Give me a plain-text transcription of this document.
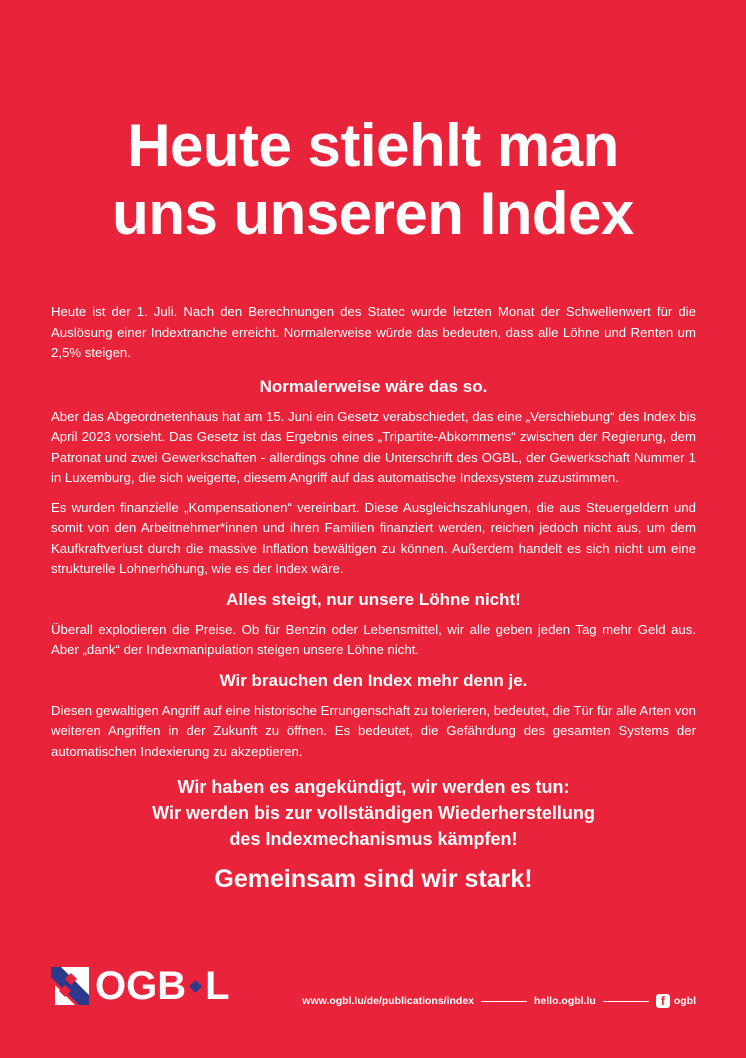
Heute stiehlt man
uns unseren Index

Heute ist der 1. Juli. Nach den Berechnungen des Statec wurde letzten Monat der Schwellenwert für die Auslösung einer Indextranche erreicht. Normalerweise würde das bedeuten, dass alle Löhne und Renten um 2,5% steigen.

Normalerweise wäre das so.

Aber das Abgeordnetenhaus hat am 15. Juni ein Gesetz verabschiedet, das eine „Verschiebung“ des Index bis April 2023 vorsieht. Das Gesetz ist das Ergebnis eines „Tripartite-Abkommens“ zwischen der Regierung, dem Patronat und zwei Gewerkschaften - allerdings ohne die Unterschrift des OGBL, der Gewerkschaft Nummer 1 in Luxemburg, die sich weigerte, diesem Angriff auf das automatische Indexsystem zuzustimmen.

Es wurden finanzielle „Kompensationen“ vereinbart. Diese Ausgleichszahlungen, die aus Steuergeldern und somit von den Arbeitnehmer*innen und ihren Familien finanziert werden, reichen jedoch nicht aus, um dem Kaufkraftverlust durch die massive Inflation bewältigen zu können. Außerdem handelt es sich nicht um eine strukturelle Lohnerhöhung, wie es der Index wäre.

Alles steigt, nur unsere Löhne nicht!

Überall explodieren die Preise. Ob für Benzin oder Lebensmittel, wir alle geben jeden Tag mehr Geld aus. Aber „dank“ der Indexmanipulation steigen unsere Löhne nicht.

Wir brauchen den Index mehr denn je.

Diesen gewaltigen Angriff auf eine historische Errungenschaft zu tolerieren, bedeutet, die Tür für alle Arten von weiteren Angriffen in der Zukunft zu öffnen. Es bedeutet, die Gefährdung des gesamten Systems der automatischen Indexierung zu akzeptieren.

Wir haben es angekündigt, wir werden es tun:
Wir werden bis zur vollständigen Wiederherstellung
des Indexmechanismus kämpfen!
Gemeinsam sind wir stark!
OGB L	www.ogbl.lu/de/publications/index	hello.ogbl.lu	f ogbl
